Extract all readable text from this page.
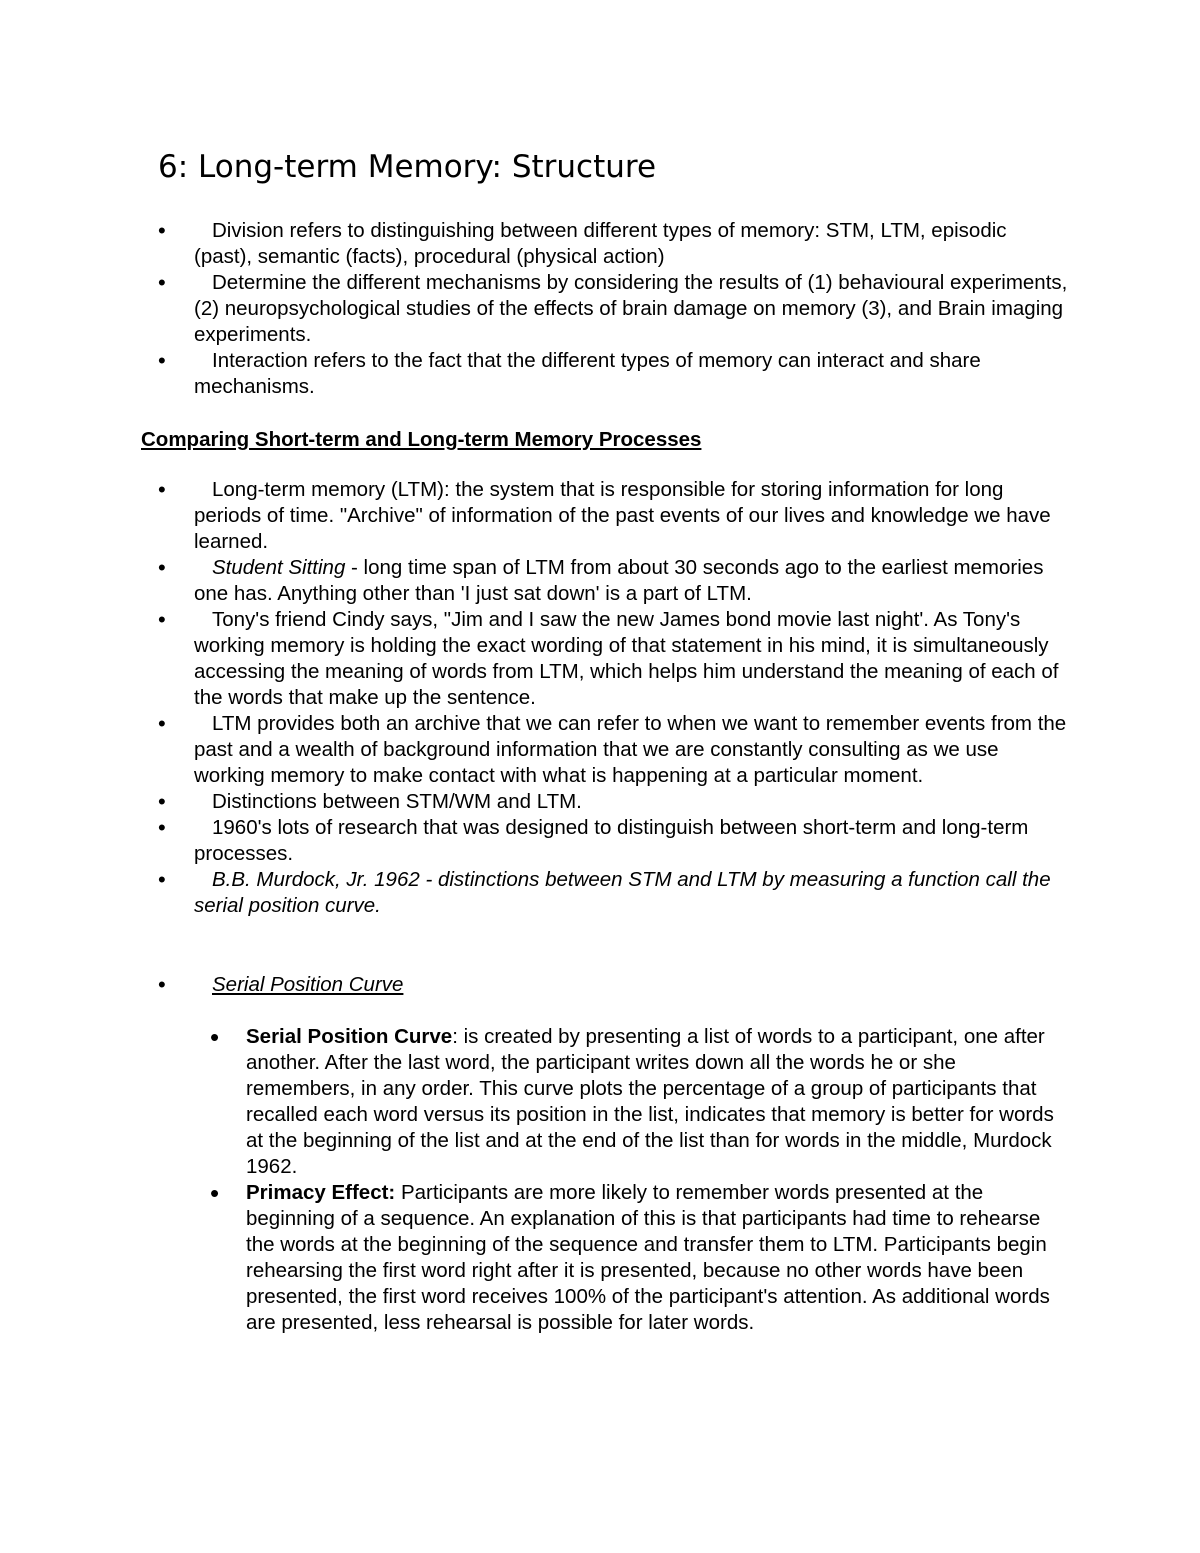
6: Long-term Memory: Structure
• Division refers to distinguishing between different types of memory: STM, LTM, episodic (past), semantic (facts), procedural (physical action)
• Determine the different mechanisms by considering the results of (1) behavioural experiments, (2) neuropsychological studies of the effects of brain damage on memory (3), and Brain imaging experiments.
• Interaction refers to the fact that the different types of memory can interact and share mechanisms.
Comparing Short-term and Long-term Memory Processes
• Long-term memory (LTM): the system that is responsible for storing information for long periods of time. "Archive" of information of the past events of our lives and knowledge we have learned.
• Student Sitting - long time span of LTM from about 30 seconds ago to the earliest memories one has. Anything other than 'I just sat down' is a part of LTM.
• Tony's friend Cindy says, "Jim and I saw the new James bond movie last night'. As Tony's working memory is holding the exact wording of that statement in his mind, it is simultaneously accessing the meaning of words from LTM, which helps him understand the meaning of each of the words that make up the sentence.
• LTM provides both an archive that we can refer to when we want to remember events from the past and a wealth of background information that we are constantly consulting as we use working memory to make contact with what is happening at a particular moment.
• Distinctions between STM/WM and LTM.
• 1960's lots of research that was designed to distinguish between short-term and long-term processes.
• B.B. Murdock, Jr. 1962 - distinctions between STM and LTM by measuring a function call the serial position curve.
• Serial Position Curve
• Serial Position Curve: is created by presenting a list of words to a participant, one after another. After the last word, the participant writes down all the words he or she remembers, in any order. This curve plots the percentage of a group of participants that recalled each word versus its position in the list, indicates that memory is better for words at the beginning of the list and at the end of the list than for words in the middle, Murdock 1962.
• Primacy Effect: Participants are more likely to remember words presented at the beginning of a sequence. An explanation of this is that participants had time to rehearse the words at the beginning of the sequence and transfer them to LTM. Participants begin rehearsing the first word right after it is presented, because no other words have been presented, the first word receives 100% of the participant's attention. As additional words are presented, less rehearsal is possible for later words.
